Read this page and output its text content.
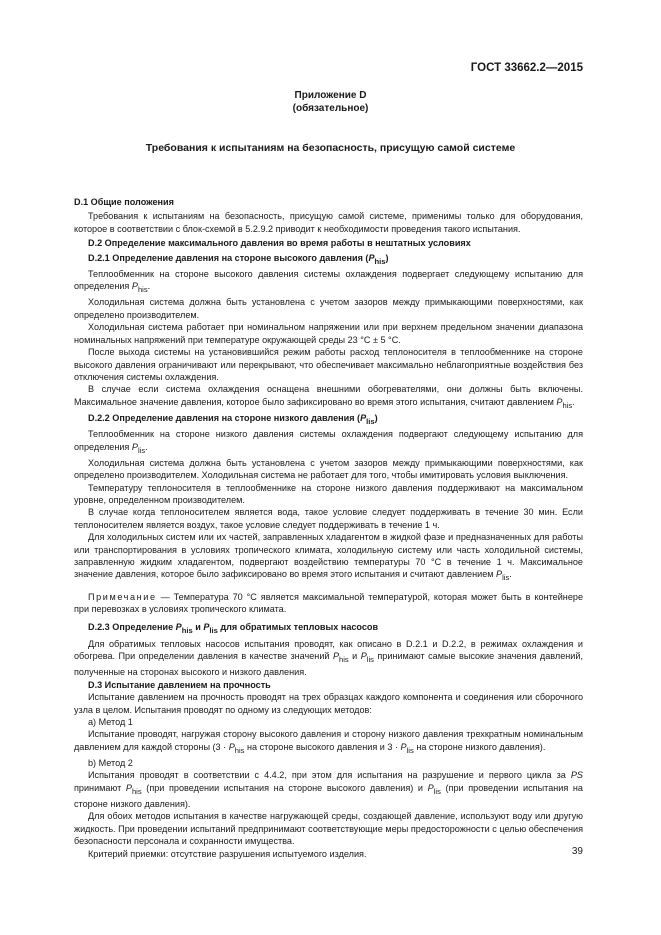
ГОСТ 33662.2—2015
Приложение D
(обязательное)
Требования к испытаниям на безопасность, присущую самой системе

D.1 Общие положения

Требования к испытаниям на безопасность, присущую самой системе, применимы только для оборудования, которое в соответствии с блок-схемой в 5.2.9.2 приводит к необходимости проведения такого испытания.

D.2 Определение максимального давления во время работы в нештатных условиях

D.2.1 Определение давления на стороне высокого давления $(P_{his})$

Теплообменник на стороне высокого давления системы охлаждения подвергает следующему испытанию для определения $P_{his}$.

Холодильная система должна быть установлена с учетом зазоров между примыкающими поверхностями, как определено производителем.

Холодильная система работает при номинальном напряжении или при верхнем предельном значении диапазона номинальных напряжений при температуре окружающей среды 23 °С ± 5 °С.

После выхода системы на установившийся режим работы расход теплоносителя в теплообменнике на стороне высокого давления ограничивают или перекрывают, что обеспечивает максимально неблагоприятные воздействия без отключения системы охлаждения.

В случае если система охлаждения оснащена внешними обогревателями, они должны быть включены. Максимальное значение давления, которое было зафиксировано во время этого испытания, считают давлением $P_{his}$.

D.2.2 Определение давления на стороне низкого давления $(P_{lis})$

Теплообменник на стороне низкого давления системы охлаждения подвергают следующему испытанию для определения $P_{lis}$.

Холодильная система должна быть установлена с учетом зазоров между примыкающими поверхностями, как определено производителем. Холодильная система не работает для того, чтобы имитировать условия выключения.

Температуру теплоносителя в теплообменнике на стороне низкого давления поддерживают на максимальном уровне, определенном производителем.

В случае когда теплоносителем является вода, такое условие следует поддерживать в течение 30 мин. Если теплоносителем является воздух, такое условие следует поддерживать в течение 1 ч.

Для холодильных систем или их частей, заправленных хладагентом в жидкой фазе и предназначенных для работы или транспортирования в условиях тропического климата, холодильную систему или часть холодильной системы, заправленную жидким хладагентом, подвергают воздействию температуры 70 °С в течение 1 ч. Максимальное значение давления, которое было зафиксировано во время этого испытания и считают давлением $P_{lis}$.

Примечание — Температура 70 °С является максимальной температурой, которая может быть в контейнере при перевозках в условиях тропического климата.

D.2.3 Определение $P_{his}$ и $P_{lis}$ для обратимых тепловых насосов

Для обратимых тепловых насосов испытания проводят, как описано в D.2.1 и D.2.2, в режимах охлаждения и обогрева. При определении давления в качестве значений $P_{his}$ и $P_{lis}$ принимают самые высокие значения давлений, полученные на сторонах высокого и низкого давления.

D.3 Испытание давлением на прочность

Испытание давлением на прочность проводят на трех образцах каждого компонента и соединения или сборочного узла в целом. Испытания проводят по одному из следующих методов:

а) Метод 1

Испытание проводят, нагружая сторону высокого давления и сторону низкого давления трехкратным номинальным давлением для каждой стороны ($3 \cdot P_{his}$ на стороне высокого давления и $3 \cdot P_{lis}$ на стороне низкого давления).

b) Метод 2

Испытания проводят в соответствии с 4.4.2, при этом для испытания на разрушение и первого цикла за PS принимают $P_{his}$ (при проведении испытания на стороне высокого давления) и $P_{lis}$ (при проведении испытания на стороне низкого давления).

Для обоих методов испытания в качестве нагружающей среды, создающей давление, используют воду или другую жидкость. При проведении испытаний предпринимают соответствующие меры предосторожности с целью обеспечения безопасности персонала и сохранности имущества.

Критерий приемки: отсутствие разрушения испытуемого изделия.	39
